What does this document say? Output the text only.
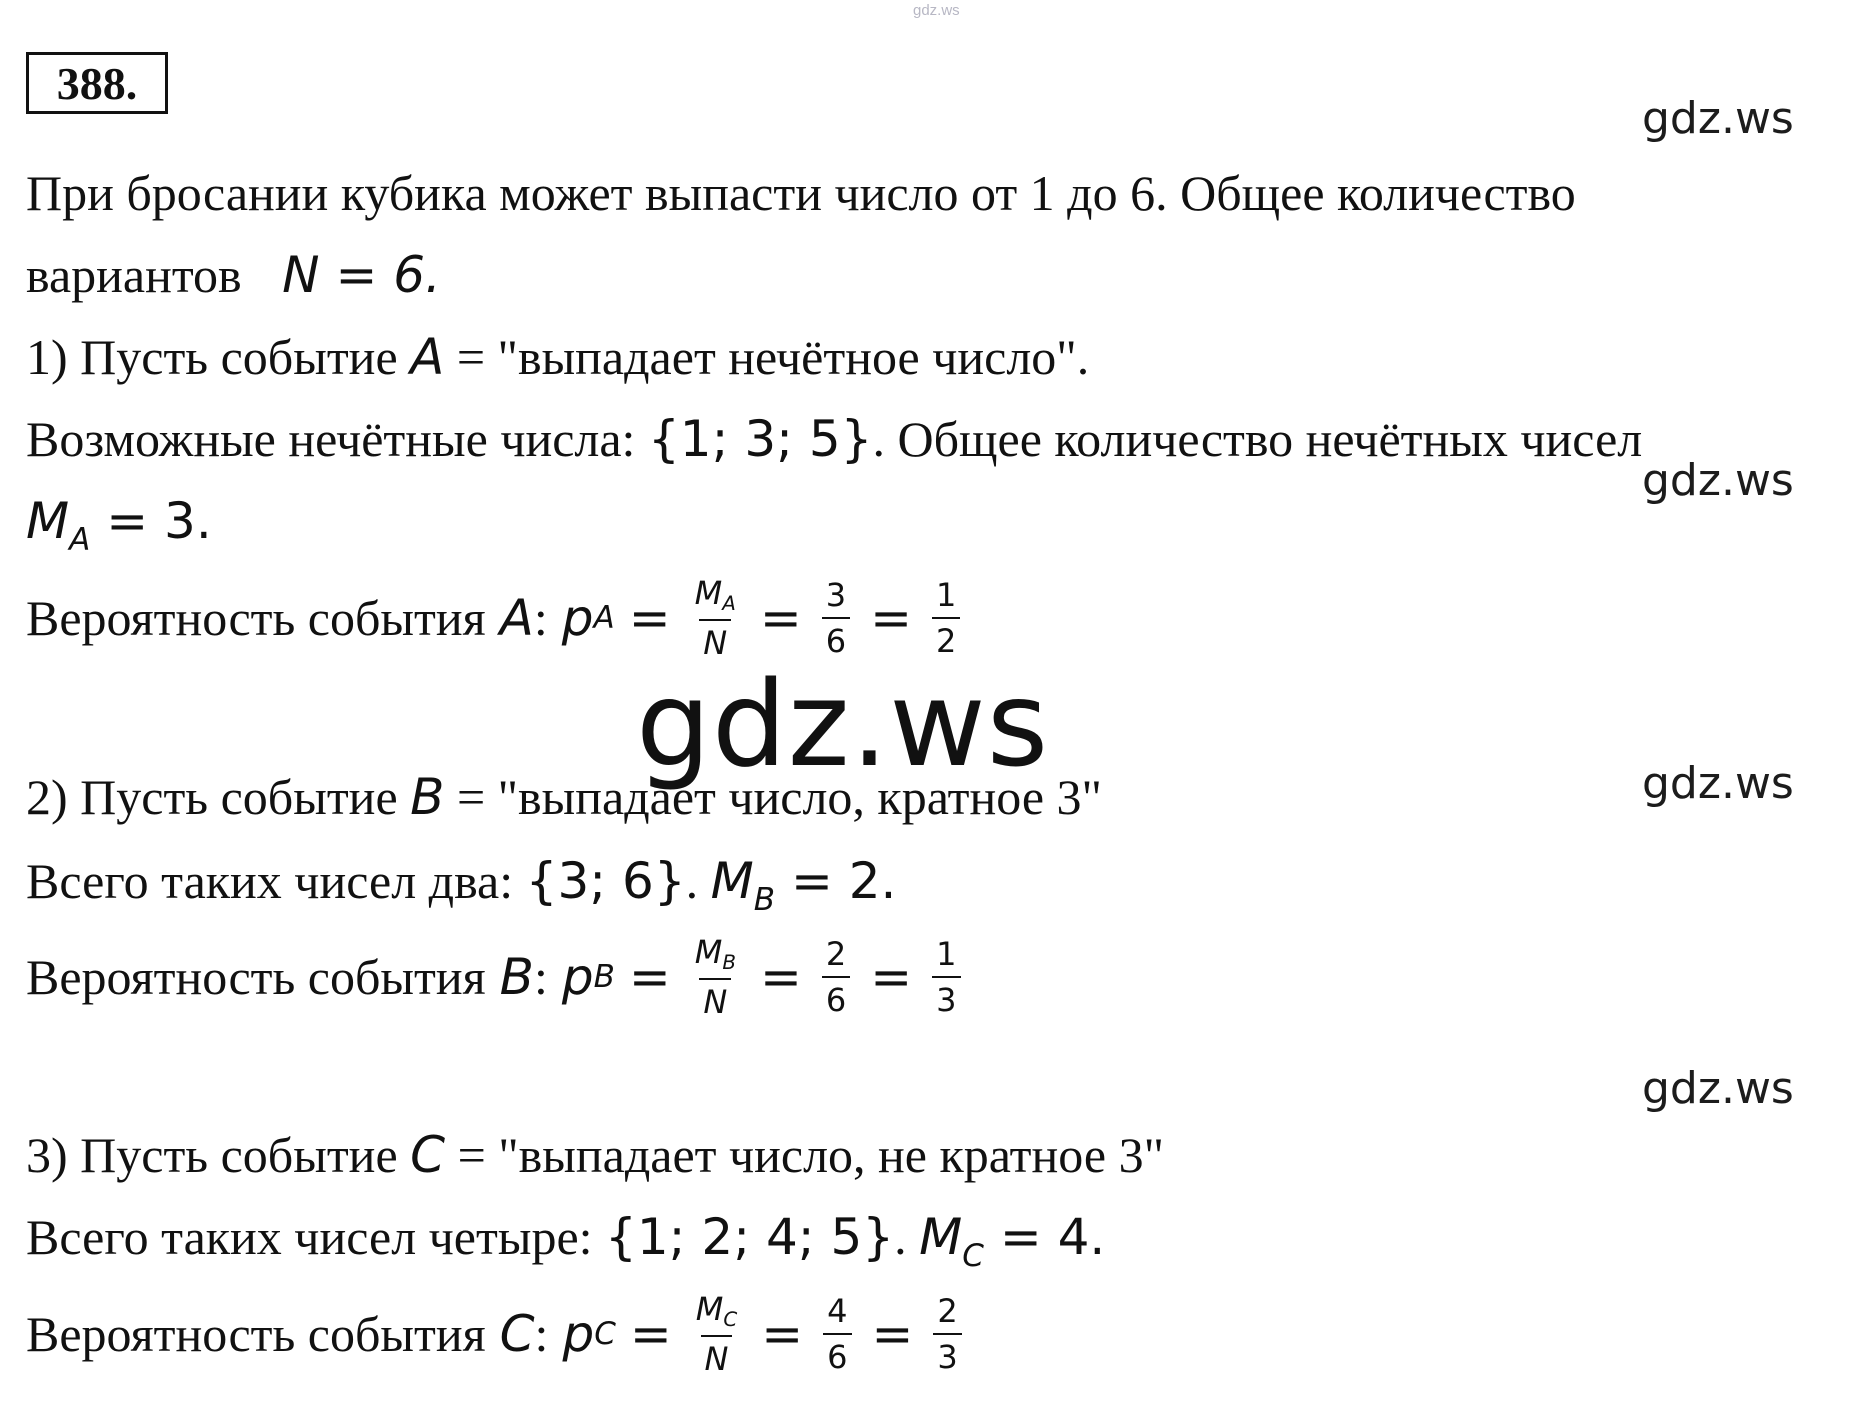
gdz.ws
388.
gdz.ws
gdz.ws
gdz.ws
gdz.ws
При бросании кубика может выпасти число от 1 до 6. Общее количество
вариантов N = 6.
1) Пусть событие A = "выпадает нечётное число".
Возможные нечётные числа: {1; 3; 5}. Общее количество нечётных чисел
$M_A = 3$.
Вероятность события A : p $A = \frac{MA}{N} = \frac{3}{6} = \frac{1}{2}$
gdz.ws
2) Пусть событие B = "выпадает число, кратное 3"
Всего таких чисел два: {3; 6}. $M_B = 2$.
Вероятность события B : p $B = \frac{MB}{N} = \frac{2}{6} = \frac{1}{3}$
3) Пусть событие C = "выпадает число, не кратное 3"
Всего таких чисел четыре: {1; 2; 4; 5}. $M_C = 4$.
Вероятность события C : p $C = \frac{MC}{N} = \frac{4}{6} = \frac{2}{3}$
